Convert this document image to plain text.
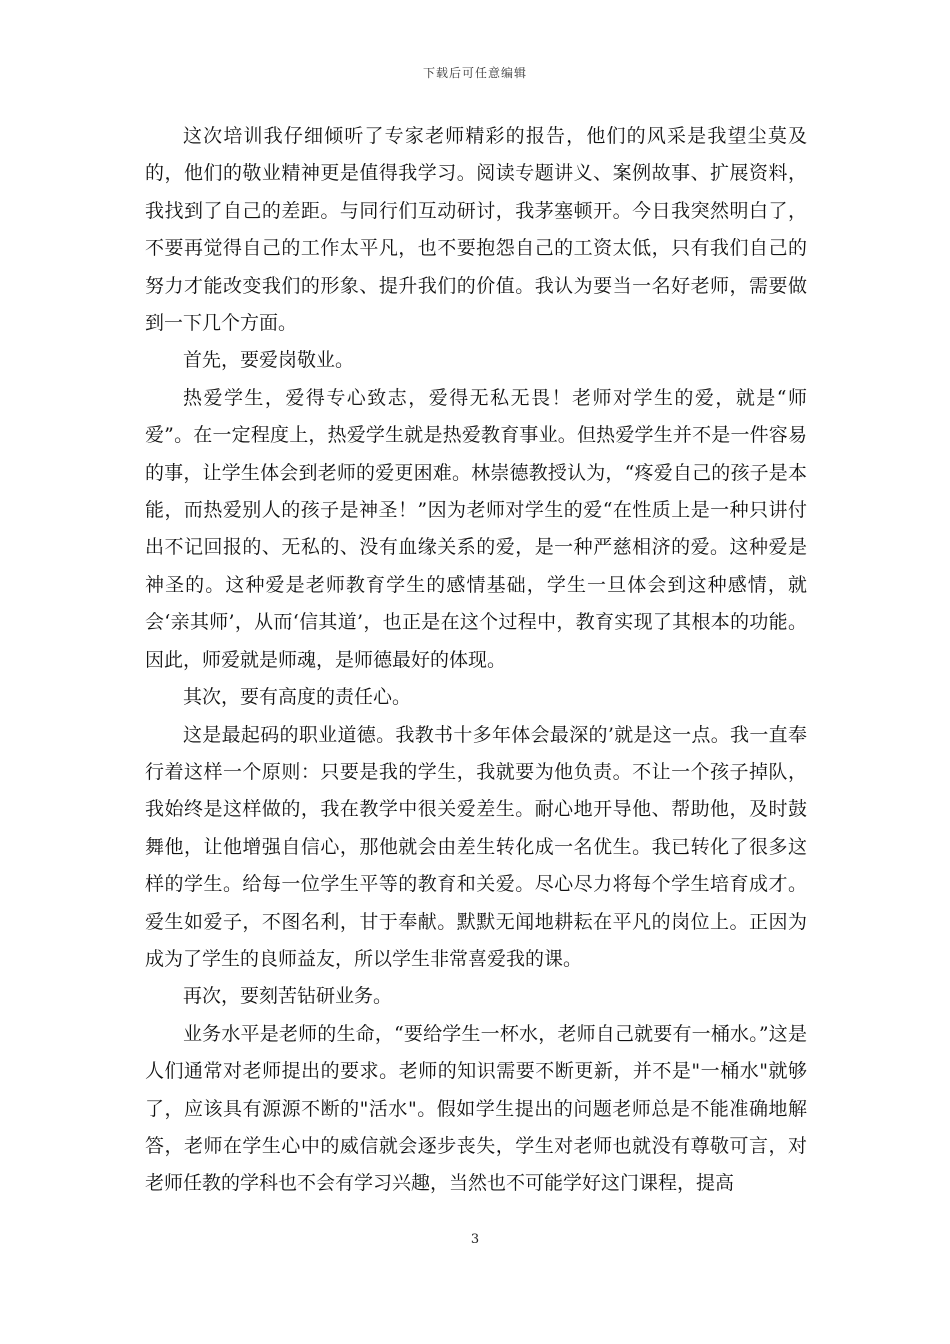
下载后可任意编辑

这次培训我仔细倾听了专家老师精彩的报告，他们的风采是我望尘莫及的，他们的敬业精神更是值得我学习。阅读专题讲义、案例故事、扩展资料，我找到了自己的差距。与同行们互动研讨，我茅塞顿开。今日我突然明白了，不要再觉得自己的工作太平凡，也不要抱怨自己的工资太低，只有我们自己的努力才能改变我们的形象、提升我们的价值。我认为要当一名好老师，需要做到一下几个方面。

首先，要爱岗敬业。

热爱学生，爱得专心致志，爱得无私无畏！老师对学生的爱，就是“师爱”。在一定程度上，热爱学生就是热爱教育事业。但热爱学生并不是一件容易的事，让学生体会到老师的爱更困难。林崇德教授认为，“疼爱自己的孩子是本能，而热爱别人的孩子是神圣！”因为老师对学生的爱“在性质上是一种只讲付出不记回报的、无私的、没有血缘关系的爱，是一种严慈相济的爱。这种爱是神圣的。这种爱是老师教育学生的感情基础，学生一旦体会到这种感情，就会‘亲其师’，从而‘信其道’，也正是在这个过程中，教育实现了其根本的功能。因此，师爱就是师魂，是师德最好的体现。

其次，要有高度的责任心。

这是最起码的职业道德。我教书十多年体会最深的’就是这一点。我一直奉行着这样一个原则：只要是我的学生，我就要为他负责。不让一个孩子掉队，我始终是这样做的，我在教学中很关爱差生。耐心地开导他、帮助他，及时鼓舞他，让他增强自信心，那他就会由差生转化成一名优生。我已转化了很多这样的学生。给每一位学生平等的教育和关爱。尽心尽力将每个学生培育成才。爱生如爱子，不图名利，甘于奉献。默默无闻地耕耘在平凡的岗位上。正因为成为了学生的良师益友，所以学生非常喜爱我的课。

再次，要刻苦钻研业务。

业务水平是老师的生命，“要给学生一杯水，老师自己就要有一桶水。”这是人们通常对老师提出的要求。老师的知识需要不断更新，并不是"一桶水"就够了，应该具有源源不断的"活水"。假如学生提出的问题老师总是不能准确地解答，老师在学生心中的威信就会逐步丧失，学生对老师也就没有尊敬可言，对老师任教的学科也不会有学习兴趣，当然也不可能学好这门课程，提高

3
